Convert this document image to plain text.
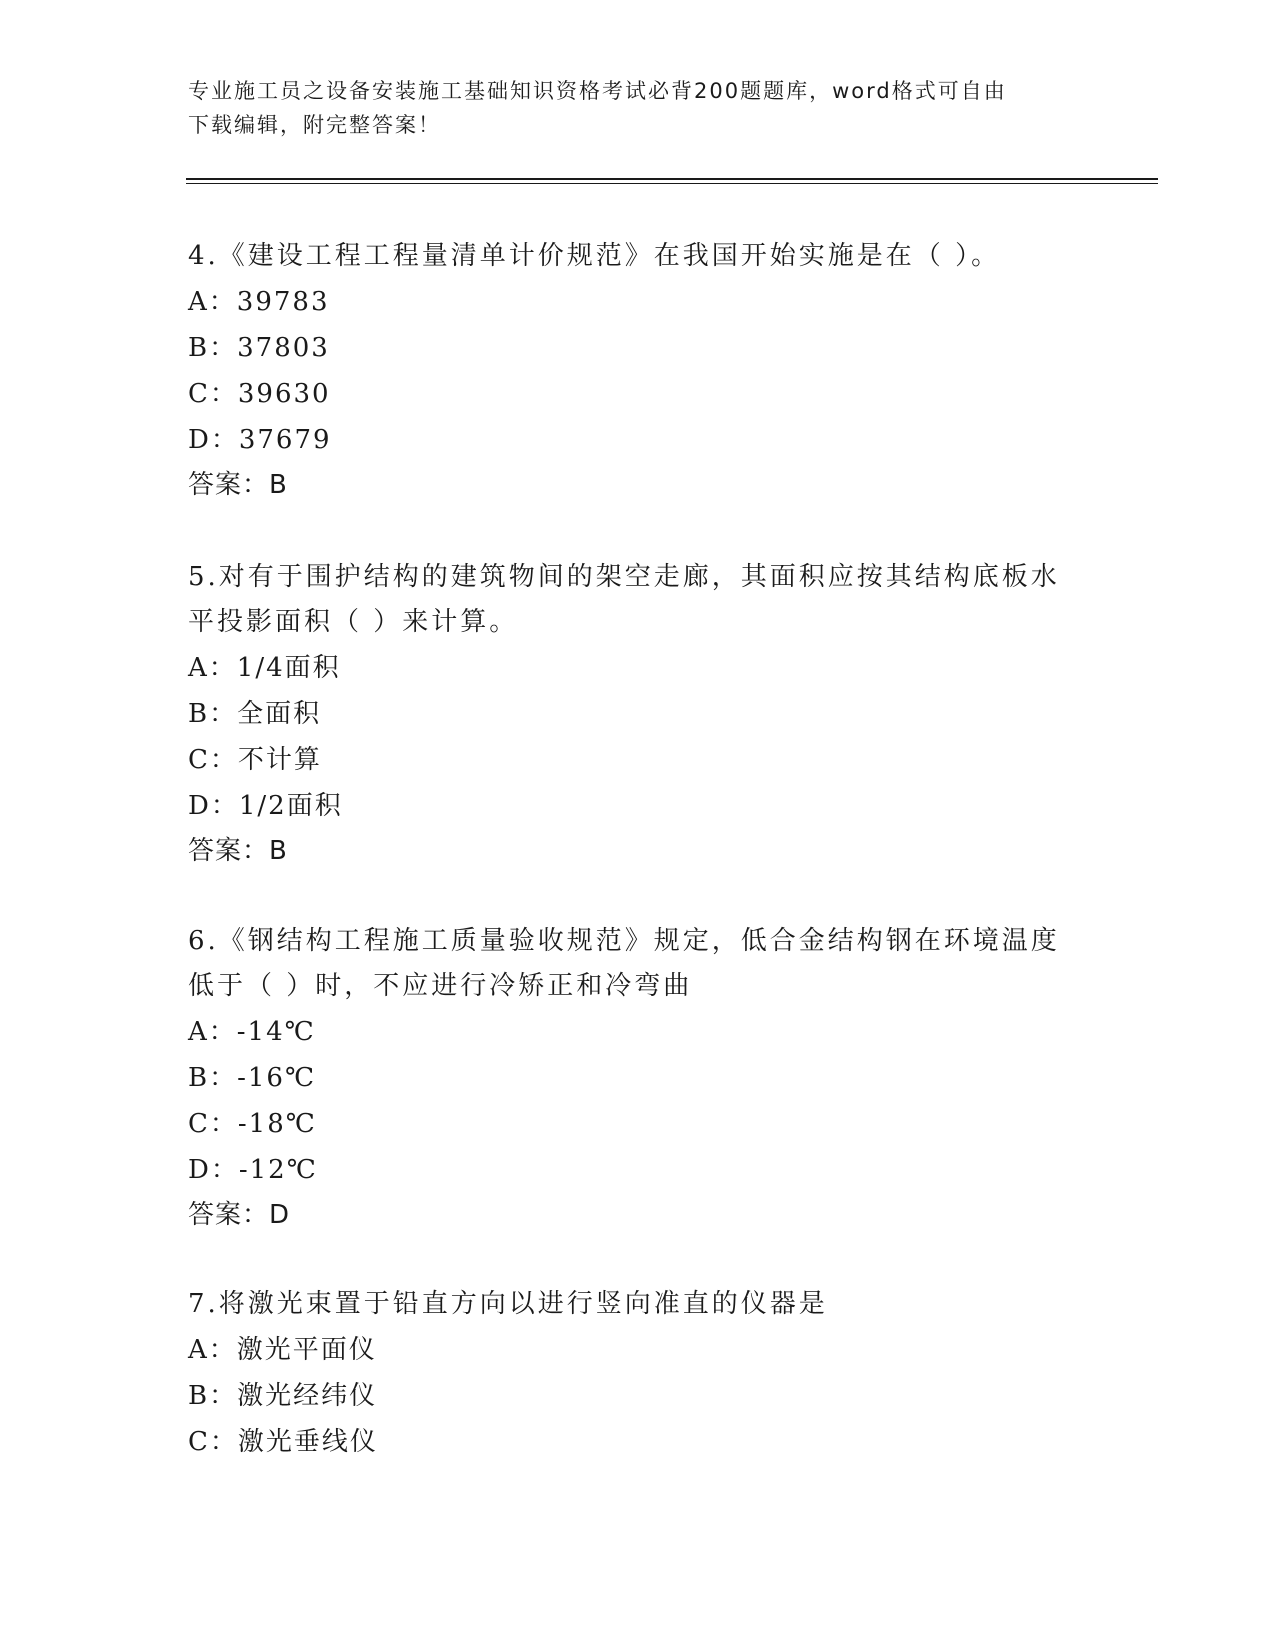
专业施工员之设备安装施工基础知识资格考试必背200题题库，word格式可自由
下载编辑，附完整答案！
4.《建设工程工程量清单计价规范》在我国开始实施是在（ ）。
A：39783
B：37803
C：39630
D：37679
答案：B
5.对有于围护结构的建筑物间的架空走廊，其面积应按其结构底板水
平投影面积（ ）来计算。
A：1/4面积
B：全面积
C：不计算
D：1/2面积
答案：B
6.《钢结构工程施工质量验收规范》规定，低合金结构钢在环境温度
低于（ ）时，不应进行冷矫正和冷弯曲
A：-14℃
B：-16℃
C：-18℃
D：-12℃
答案：D
7.将激光束置于铅直方向以进行竖向准直的仪器是
A：激光平面仪
B：激光经纬仪
C：激光垂线仪
